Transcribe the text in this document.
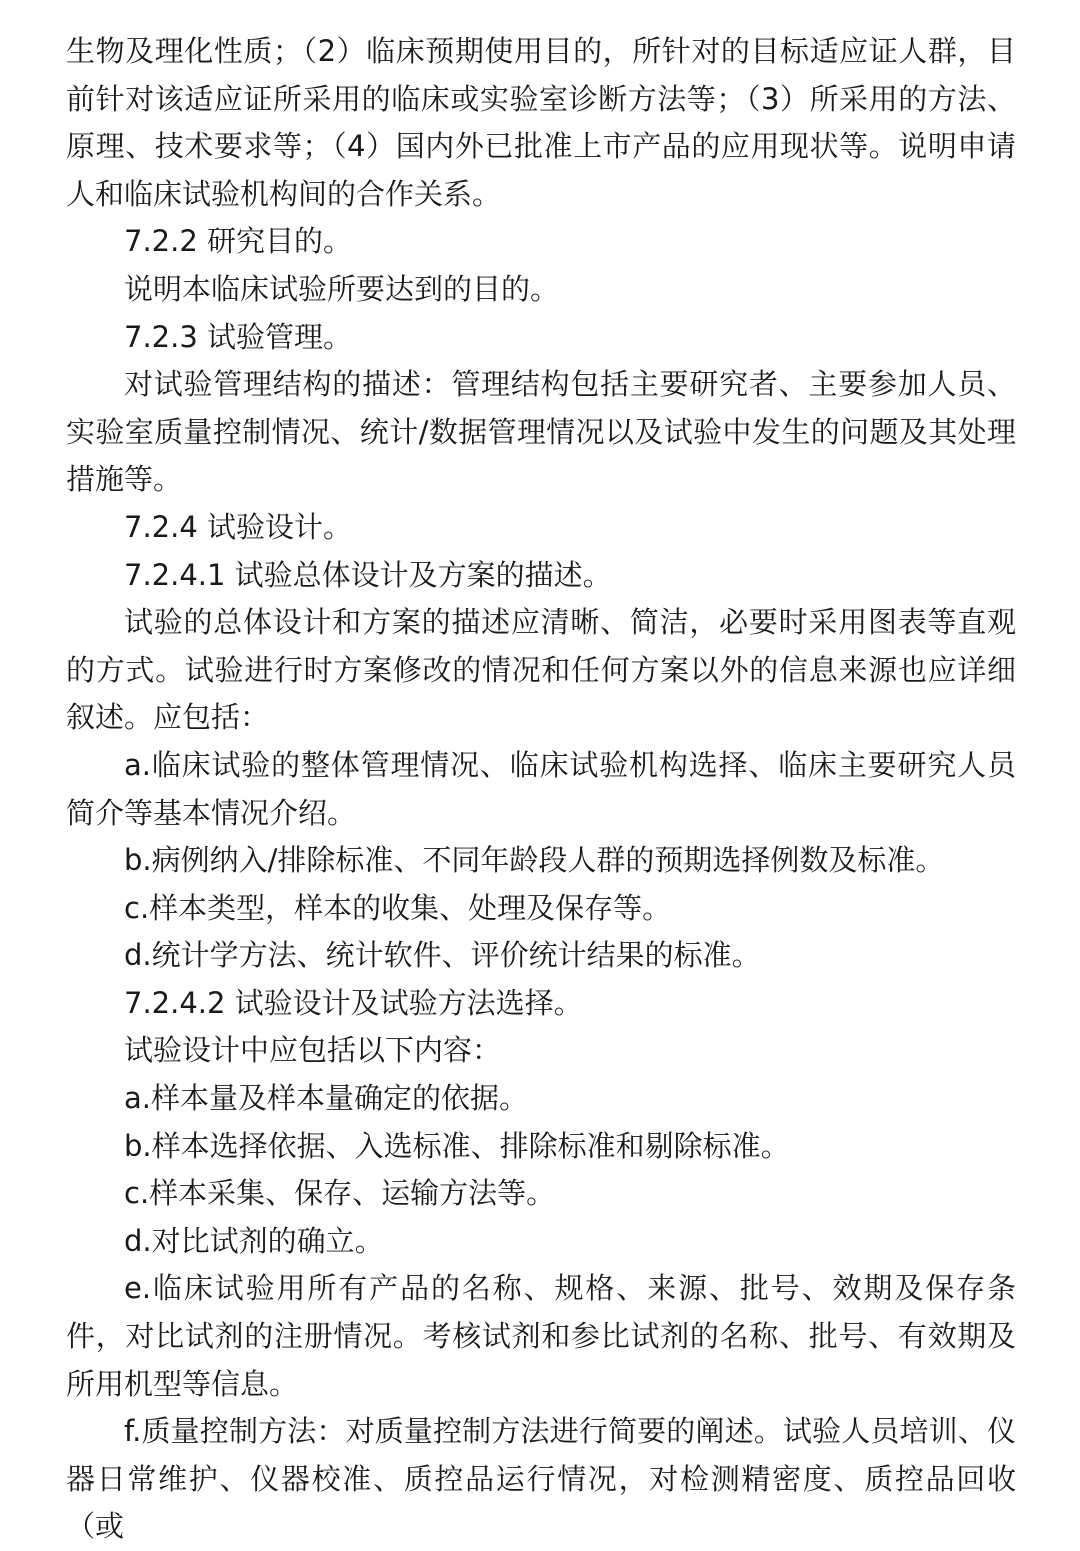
生物及理化性质；（2）临床预期使用目的，所针对的目标适应证人群，目前针对该适应证所采用的临床或实验室诊断方法等；（3）所采用的方法、原理、技术要求等；（4）国内外已批准上市产品的应用现状等。说明申请人和临床试验机构间的合作关系。

7.2.2 研究目的。

说明本临床试验所要达到的目的。

7.2.3 试验管理。

对试验管理结构的描述：管理结构包括主要研究者、主要参加人员、实验室质量控制情况、统计/数据管理情况以及试验中发生的问题及其处理措施等。

7.2.4 试验设计。

7.2.4.1 试验总体设计及方案的描述。

试验的总体设计和方案的描述应清晰、简洁，必要时采用图表等直观的方式。试验进行时方案修改的情况和任何方案以外的信息来源也应详细叙述。应包括：

a.临床试验的整体管理情况、临床试验机构选择、临床主要研究人员简介等基本情况介绍。

b.病例纳入/排除标准、不同年龄段人群的预期选择例数及标准。

c.样本类型，样本的收集、处理及保存等。

d.统计学方法、统计软件、评价统计结果的标准。

7.2.4.2 试验设计及试验方法选择。

试验设计中应包括以下内容：

a.样本量及样本量确定的依据。

b.样本选择依据、入选标准、排除标准和剔除标准。

c.样本采集、保存、运输方法等。

d.对比试剂的确立。

e.临床试验用所有产品的名称、规格、来源、批号、效期及保存条件，对比试剂的注册情况。考核试剂和参比试剂的名称、批号、有效期及所用机型等信息。

f.质量控制方法：对质量控制方法进行简要的阐述。试验人员培训、仪器日常维护、仪器校准、质控品运行情况，对检测精密度、质控品回收（或
